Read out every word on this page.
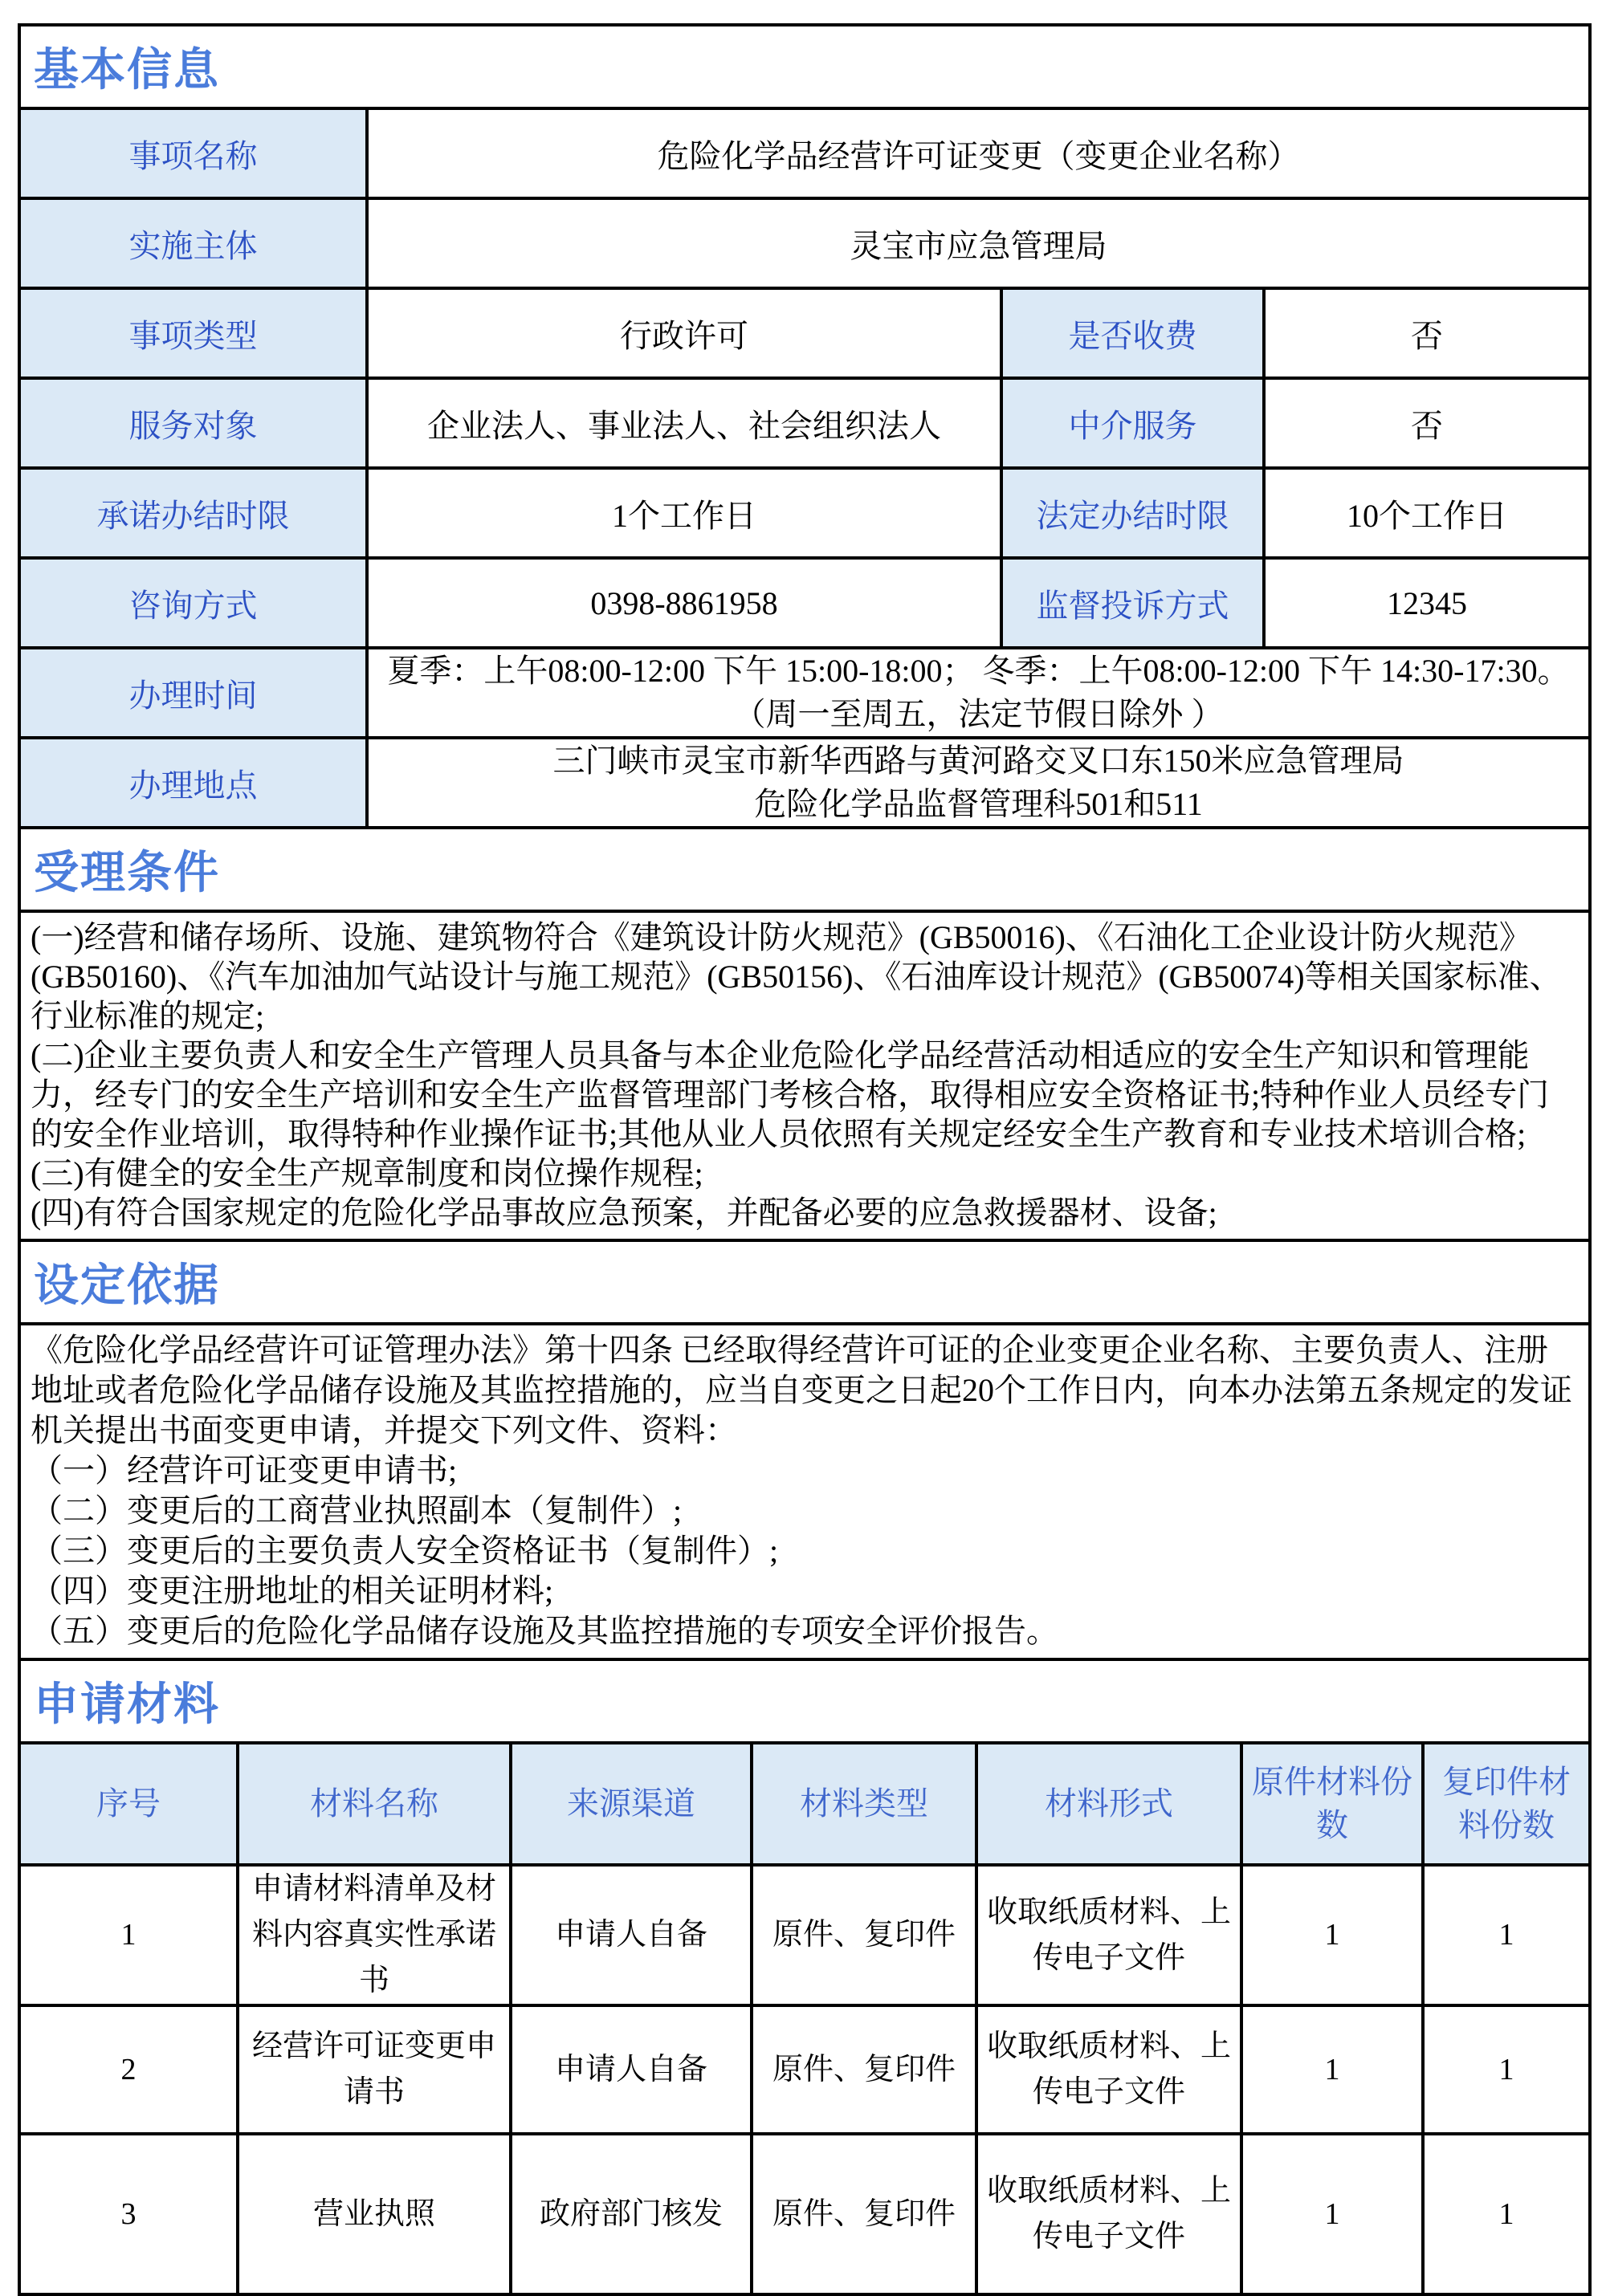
基本信息			
事项名称	危险化学品经营许可证变更（变更企业名称）		
实施主体	灵宝市应急管理局		
事项类型	行政许可	是否收费	否
服务对象	企业法人、事业法人、社会组织法人	中介服务	否
承诺办结时限	1个工作日	法定办结时限	10个工作日
咨询方式	0398-8861958	监督投诉方式	12345
办理时间	夏季：上午08:00-12:00 下午 15:00-18:00； 冬季：上午08:00-12:00 下午 14:30-17:30。
（周一至周五，法定节假日除外 ）		

办理地点	三门峡市灵宝市新华西路与黄河路交叉口东150米应急管理局
危险化学品监督管理科501和511		

受理条件			

(一)经营和储存场所、设施、建筑物符合《建筑设计防火规范》(GB50016)、《石油化工企业设计防火规范》(GB50160)、《汽车加油加气站设计与施工规范》(GB50156)、《石油库设计规范》(GB50074)等相关国家标准、行业标准的规定;
(二)企业主要负责人和安全生产管理人员具备与本企业危险化学品经营活动相适应的安全生产知识和管理能力，经专门的安全生产培训和安全生产监督管理部门考核合格，取得相应安全资格证书;特种作业人员经专门的安全作业培训，取得特种作业操作证书;其他从业人员依照有关规定经安全生产教育和专业技术培训合格;
(三)有健全的安全生产规章制度和岗位操作规程;
(四)有符合国家规定的危险化学品事故应急预案，并配备必要的应急救援器材、设备;			

设定依据			

《危险化学品经营许可证管理办法》第十四条 已经取得经营许可证的企业变更企业名称、主要负责人、注册地址或者危险化学品储存设施及其监控措施的，应当自变更之日起20个工作日内，向本办法第五条规定的发证机关提出书面变更申请，并提交下列文件、资料：
（一）经营许可证变更申请书;
（二）变更后的工商营业执照副本（复制件）;
（三）变更后的主要负责人安全资格证书（复制件）;
（四）变更注册地址的相关证明材料;
（五）变更后的危险化学品储存设施及其监控措施的专项安全评价报告。

申请材料			
序号	材料名称	来源渠道	材料类型	材料形式	原件材料份数	复印件材料份数
1	申请材料清单及材料内容真实性承诺书	申请人自备	原件、复印件	收取纸质材料、上传电子文件	1	1
2	经营许可证变更申请书	申请人自备	原件、复印件	收取纸质材料、上传电子文件	1	1
3	营业执照	政府部门核发	原件、复印件	收取纸质材料、上传电子文件	1	1
